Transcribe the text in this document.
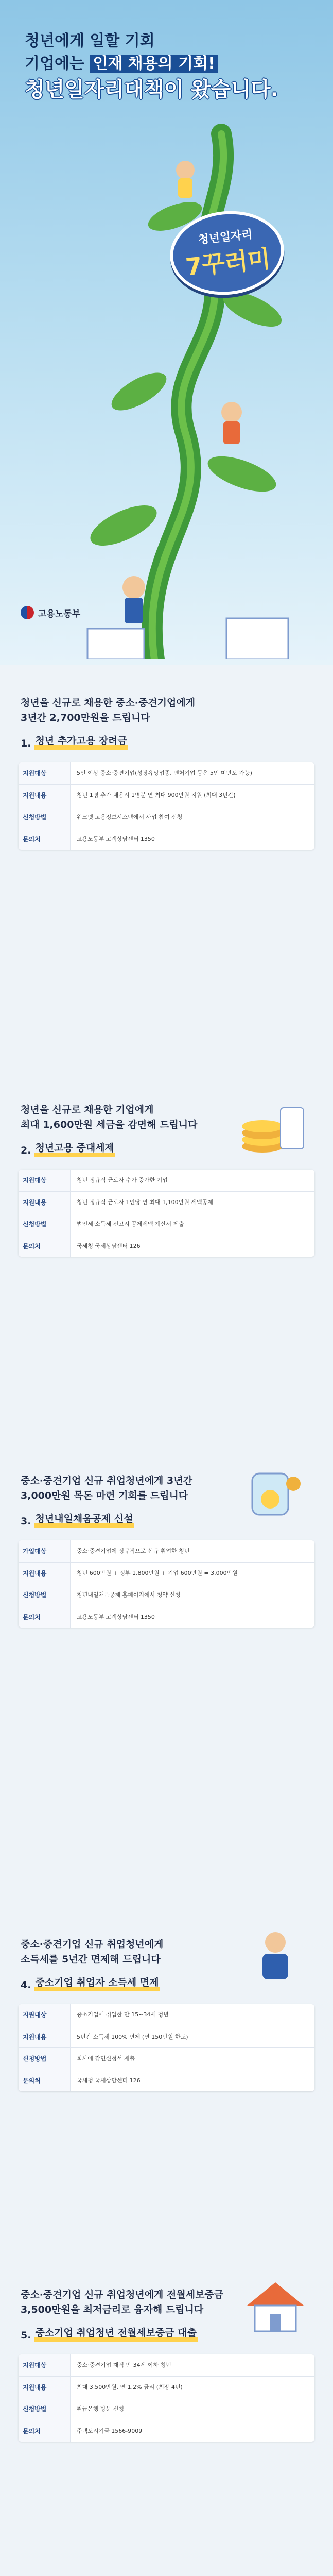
청년에게 일할 기회
기업에는 인재 채용의 기회!
청년일자리대책이 왔습니다.
청년일자리
7꾸러미
고용노동부
청년을 신규로 채용한 중소·중견기업에게
3년간 2,700만원을 드립니다
1. 청년 추가고용 장려금
지원대상	5인 이상 중소·중견기업(성장유망업종, 벤처기업 등은 5인 미만도 가능)
지원내용	청년 1명 추가 채용시 1명분 연 최대 900만원 지원 (최대 3년간)
신청방법	워크넷 고용정보시스템에서 사업 참여 신청
문의처	고용노동부 고객상담센터 1350
청년을 신규로 채용한 기업에게
최대 1,600만원 세금을 감면해 드립니다
2. 청년고용 증대세제
지원대상	청년 정규직 근로자 수가 증가한 기업
지원내용	청년 정규직 근로자 1인당 연 최대 1,100만원 세액공제
신청방법	법인세·소득세 신고시 공제세액 계산서 제출
문의처	국세청 국세상담센터 126
중소·중견기업 신규 취업청년에게 3년간
3,000만원 목돈 마련 기회를 드립니다
3. 청년내일채움공제 신설
가입대상	중소·중견기업에 정규직으로 신규 취업한 청년
지원내용	청년 600만원 + 정부 1,800만원 + 기업 600만원 = 3,000만원
신청방법	청년내일채움공제 홈페이지에서 청약 신청
문의처	고용노동부 고객상담센터 1350
중소·중견기업 신규 취업청년에게
소득세를 5년간 면제해 드립니다
4. 중소기업 취업자 소득세 면제
지원대상	중소기업에 취업한 만 15~34세 청년
지원내용	5년간 소득세 100% 면제 (연 150만원 한도)
신청방법	회사에 감면신청서 제출
문의처	국세청 국세상담센터 126
중소·중견기업 신규 취업청년에게 전월세보증금
3,500만원을 최저금리로 융자해 드립니다
5. 중소기업 취업청년 전월세보증금 대출
지원대상	중소·중견기업 재직 만 34세 이하 청년
지원내용	최대 3,500만원, 연 1.2% 금리 (최장 4년)
신청방법	취급은행 방문 신청
문의처	주택도시기금 1566-9009
